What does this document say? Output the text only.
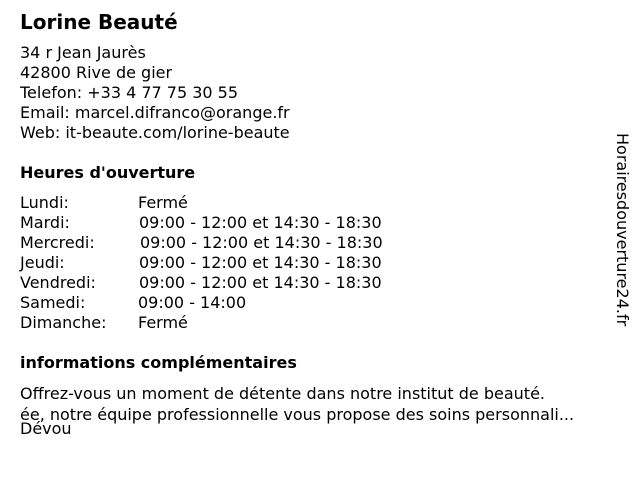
Lorine Beauté
34 r Jean Jaurès
42800 Rive de gier
Telefon: +33 4 77 75 30 55
Email: marcel.difranco@orange.fr
Web: it-beaute.com/lorine-beaute
Heures d'ouverture
Lundi:	Fermé
Mardi:	09:00 - 12:00 et 14:30 - 18:30
Mercredi:	09:00 - 12:00 et 14:30 - 18:30
Jeudi:	09:00 - 12:00 et 14:30 - 18:30
Vendredi:	09:00 - 12:00 et 14:30 - 18:30
Samedi:	09:00 - 14:00
Dimanche: Fermé
informations complémentaires
Offrez-vous un moment de détente dans notre institut de beauté.
ée, notre équipe professionnelle vous propose des soins personnali...
Dévou
Horairesdouverture24.fr
